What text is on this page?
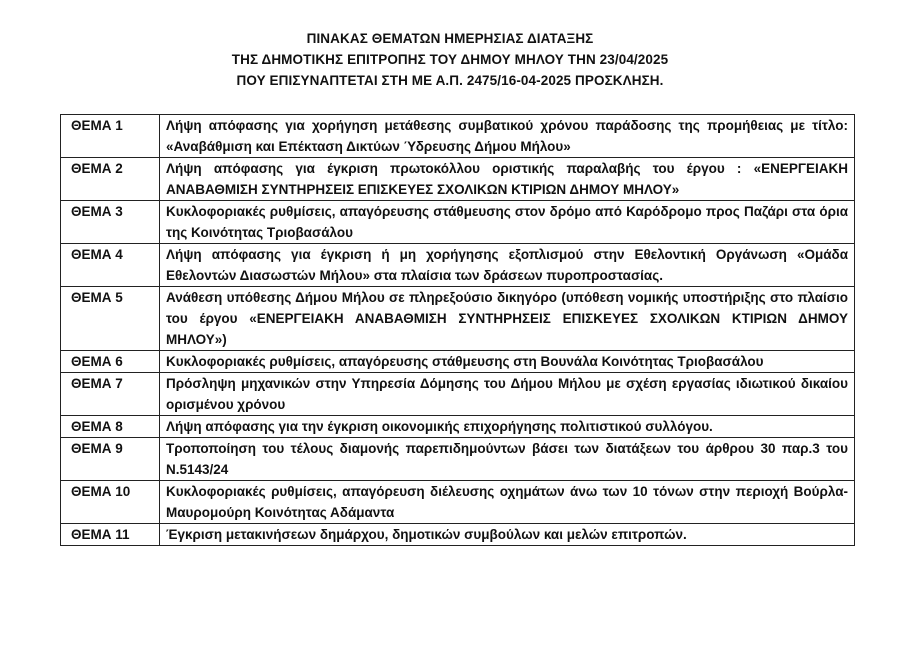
ΠΙΝΑΚΑΣ ΘΕΜΑΤΩΝ ΗΜΕΡΗΣΙΑΣ ΔΙΑΤΑΞΗΣ
ΤΗΣ ΔΗΜΟΤΙΚΗΣ ΕΠΙΤΡΟΠΗΣ ΤΟΥ ΔΗΜΟΥ ΜΗΛΟΥ ΤΗΝ 23/04/2025
ΠΟΥ ΕΠΙΣΥΝΑΠΤΕΤΑΙ ΣΤΗ ΜΕ Α.Π. 2475/16-04-2025 ΠΡΟΣΚΛΗΣΗ.
ΘΕΜΑ 1	Λήψη απόφασης για χορήγηση μετάθεσης συμβατικού χρόνου παράδοσης της προμήθειας με τίτλο: «Αναβάθμιση και Επέκταση Δικτύων Ύδρευσης Δήμου Μήλου»
ΘΕΜΑ 2	Λήψη απόφασης για έγκριση πρωτοκόλλου οριστικής παραλαβής του έργου : «ΕΝΕΡΓΕΙΑΚΗ ΑΝΑΒΑΘΜΙΣΗ ΣΥΝΤΗΡΗΣΕΙΣ ΕΠΙΣΚΕΥΕΣ ΣΧΟΛΙΚΩΝ ΚΤΙΡΙΩΝ ΔΗΜΟΥ ΜΗΛΟΥ»
ΘΕΜΑ 3	Κυκλοφοριακές ρυθμίσεις, απαγόρευσης στάθμευσης στον δρόμο από Καρόδρομο προς Παζάρι στα όρια της Κοινότητας Τριοβασάλου
ΘΕΜΑ 4	Λήψη απόφασης για έγκριση ή μη χορήγησης εξοπλισμού στην Εθελοντική Οργάνωση «Ομάδα Εθελοντών Διασωστών Μήλου» στα πλαίσια των δράσεων πυροπροστασίας.
ΘΕΜΑ 5	Ανάθεση υπόθεσης Δήμου Μήλου σε πληρεξούσιο δικηγόρο (υπόθεση νομικής υποστήριξης στο πλαίσιο του έργου «ΕΝΕΡΓΕΙΑΚΗ ΑΝΑΒΑΘΜΙΣΗ ΣΥΝΤΗΡΗΣΕΙΣ ΕΠΙΣΚΕΥΕΣ ΣΧΟΛΙΚΩΝ ΚΤΙΡΙΩΝ ΔΗΜΟΥ ΜΗΛΟΥ»)
ΘΕΜΑ 6	Κυκλοφοριακές ρυθμίσεις, απαγόρευσης στάθμευσης στη Βουνάλα Κοινότητας Τριοβασάλου
ΘΕΜΑ 7	Πρόσληψη μηχανικών στην Υπηρεσία Δόμησης του Δήμου Μήλου με σχέση εργασίας ιδιωτικού δικαίου ορισμένου χρόνου
ΘΕΜΑ 8	Λήψη απόφασης για την έγκριση οικονομικής επιχορήγησης πολιτιστικού συλλόγου.
ΘΕΜΑ 9	Τροποποίηση του τέλους διαμονής παρεπιδημούντων βάσει των διατάξεων του άρθρου 30 παρ.3 του Ν.5143/24
ΘΕΜΑ 10	Κυκλοφοριακές ρυθμίσεις, απαγόρευση διέλευσης οχημάτων άνω των 10 τόνων στην περιοχή Βούρλα-Μαυρομούρη Κοινότητας Αδάμαντα
ΘΕΜΑ 11	Έγκριση μετακινήσεων δημάρχου, δημοτικών συμβούλων και μελών επιτροπών.
